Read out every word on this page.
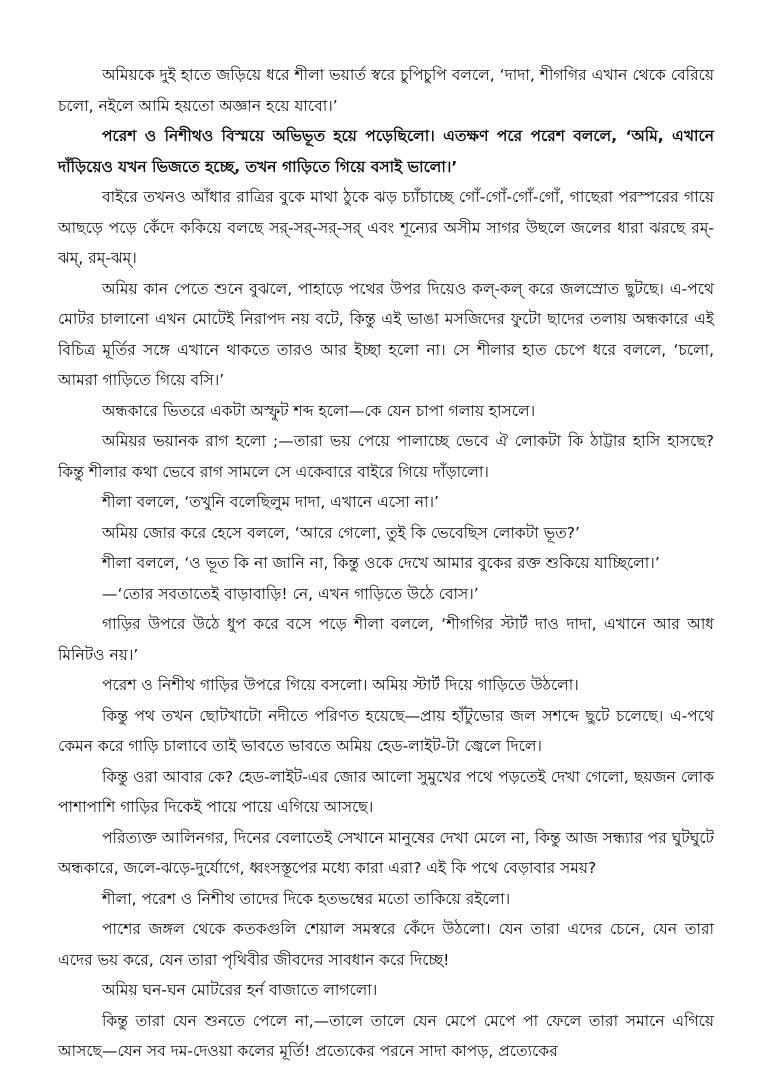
অমিয়কে দুই হাতে জড়িয়ে ধরে শীলা ভয়ার্ত স্বরে চুপিচুপি বললে, ‘দাদা, শীগগির এখান থেকে বেরিয়ে চলো, নইলে আমি হয়তো অজ্ঞান হয়ে যাবো।’

পরেশ ও নিশীথও বিস্ময়ে অভিভূত হয়ে পড়েছিলো। এতক্ষণ পরে পরেশ বললে, ‘অমি, এখানে দাঁড়িয়েও যখন ভিজতে হচ্ছে, তখন গাড়িতে গিয়ে বসাই ভালো।’

বাইরে তখনও আঁধার রাত্রির বুকে মাথা ঠুকে ঝড় চ্যাঁচাচ্ছে গোঁ-গোঁ-গোঁ-গোঁ, গাছেরা পরস্পরের গায়ে আছড়ে পড়ে কেঁদে ককিয়ে বলছে সর্-সর্-সর্-সর্ এবং শূন্যের অসীম সাগর উছলে জলের ধারা ঝরছে রম্-ঝম্, রম্-ঝম্।

অমিয় কান পেতে শুনে বুঝলে, পাহাড়ে পথের উপর দিয়েও কল্-কল্ করে জলস্রোত ছুটছে। এ-পথে মোটর চালানো এখন মোটেই নিরাপদ নয় বটে, কিন্তু এই ভাঙা মসজিদের ফুটো ছাদের তলায় অন্ধকারে এই বিচিত্র মূর্তির সঙ্গে এখানে থাকতে তারও আর ইচ্ছা হলো না। সে শীলার হাত চেপে ধরে বললে, ‘চলো, আমরা গাড়িতে গিয়ে বসি।’

অন্ধকারে ভিতরে একটা অস্ফুট শব্দ হলো—কে যেন চাপা গলায় হাসলে।

অমিয়র ভয়ানক রাগ হলো ;—তারা ভয় পেয়ে পালাচ্ছে ভেবে ঐ লোকটা কি ঠাট্টার হাসি হাসছে? কিন্তু শীলার কথা ভেবে রাগ সামলে সে একেবারে বাইরে গিয়ে দাঁড়ালো।

শীলা বললে, ‘তখুনি বলেছিলুম দাদা, এখানে এসো না।’

অমিয় জোর করে হেসে বললে, ‘আরে গেলো, তুই কি ভেবেছিস লোকটা ভূত?’

শীলা বললে, ‘ও ভূত কি না জানি না, কিন্তু ওকে দেখে আমার বুকের রক্ত শুকিয়ে যাচ্ছিলো।’

—‘তোর সবতাতেই বাড়াবাড়ি! নে, এখন গাড়িতে উঠে বোস।’

গাড়ির উপরে উঠে ধুপ করে বসে পড়ে শীলা বললে, ‘শীগগির স্টার্ট দাও দাদা, এখানে আর আধ মিনিটও নয়।’

পরেশ ও নিশীথ গাড়ির উপরে গিয়ে বসলো। অমিয় স্টার্ট দিয়ে গাড়িতে উঠলো।

কিন্তু পথ তখন ছোটখাটো নদীতে পরিণত হয়েছে—প্রায় হাঁটুভোর জল সশব্দে ছুটে চলেছে। এ-পথে কেমন করে গাড়ি চালাবে তাই ভাবতে ভাবতে অমিয় হেড-লাইট-টা জ্বেলে দিলে।

কিন্তু ওরা আবার কে? হেড-লাইট-এর জোর আলো সুমুখের পথে পড়তেই দেখা গেলো, ছয়জন লোক পাশাপাশি গাড়ির দিকেই পায়ে পায়ে এগিয়ে আসছে।

পরিত্যক্ত আলিনগর, দিনের বেলাতেই সেখানে মানুষের দেখা মেলে না, কিন্তু আজ সন্ধ্যার পর ঘুটঘুটে অন্ধকারে, জলে-ঝড়ে-দুর্যোগে, ধ্বংসস্তূপের মধ্যে কারা এরা? এই কি পথে বেড়াবার সময়?

শীলা, পরেশ ও নিশীথ তাদের দিকে হতভম্বের মতো তাকিয়ে রইলো।

পাশের জঙ্গল থেকে কতকগুলি শেয়াল সমস্বরে কেঁদে উঠলো। যেন তারা এদের চেনে, যেন তারা এদের ভয় করে, যেন তারা পৃথিবীর জীবদের সাবধান করে দিচ্ছে!

অমিয় ঘন-ঘন মোটরের হর্ন বাজাতে লাগলো।

কিন্তু তারা যেন শুনতে পেলে না,—তালে তালে যেন মেপে মেপে পা ফেলে তারা সমানে এগিয়ে আসছে—যেন সব দম-দেওয়া কলের মূর্তি! প্রত্যেকের পরনে সাদা কাপড়, প্রত্যেকের
